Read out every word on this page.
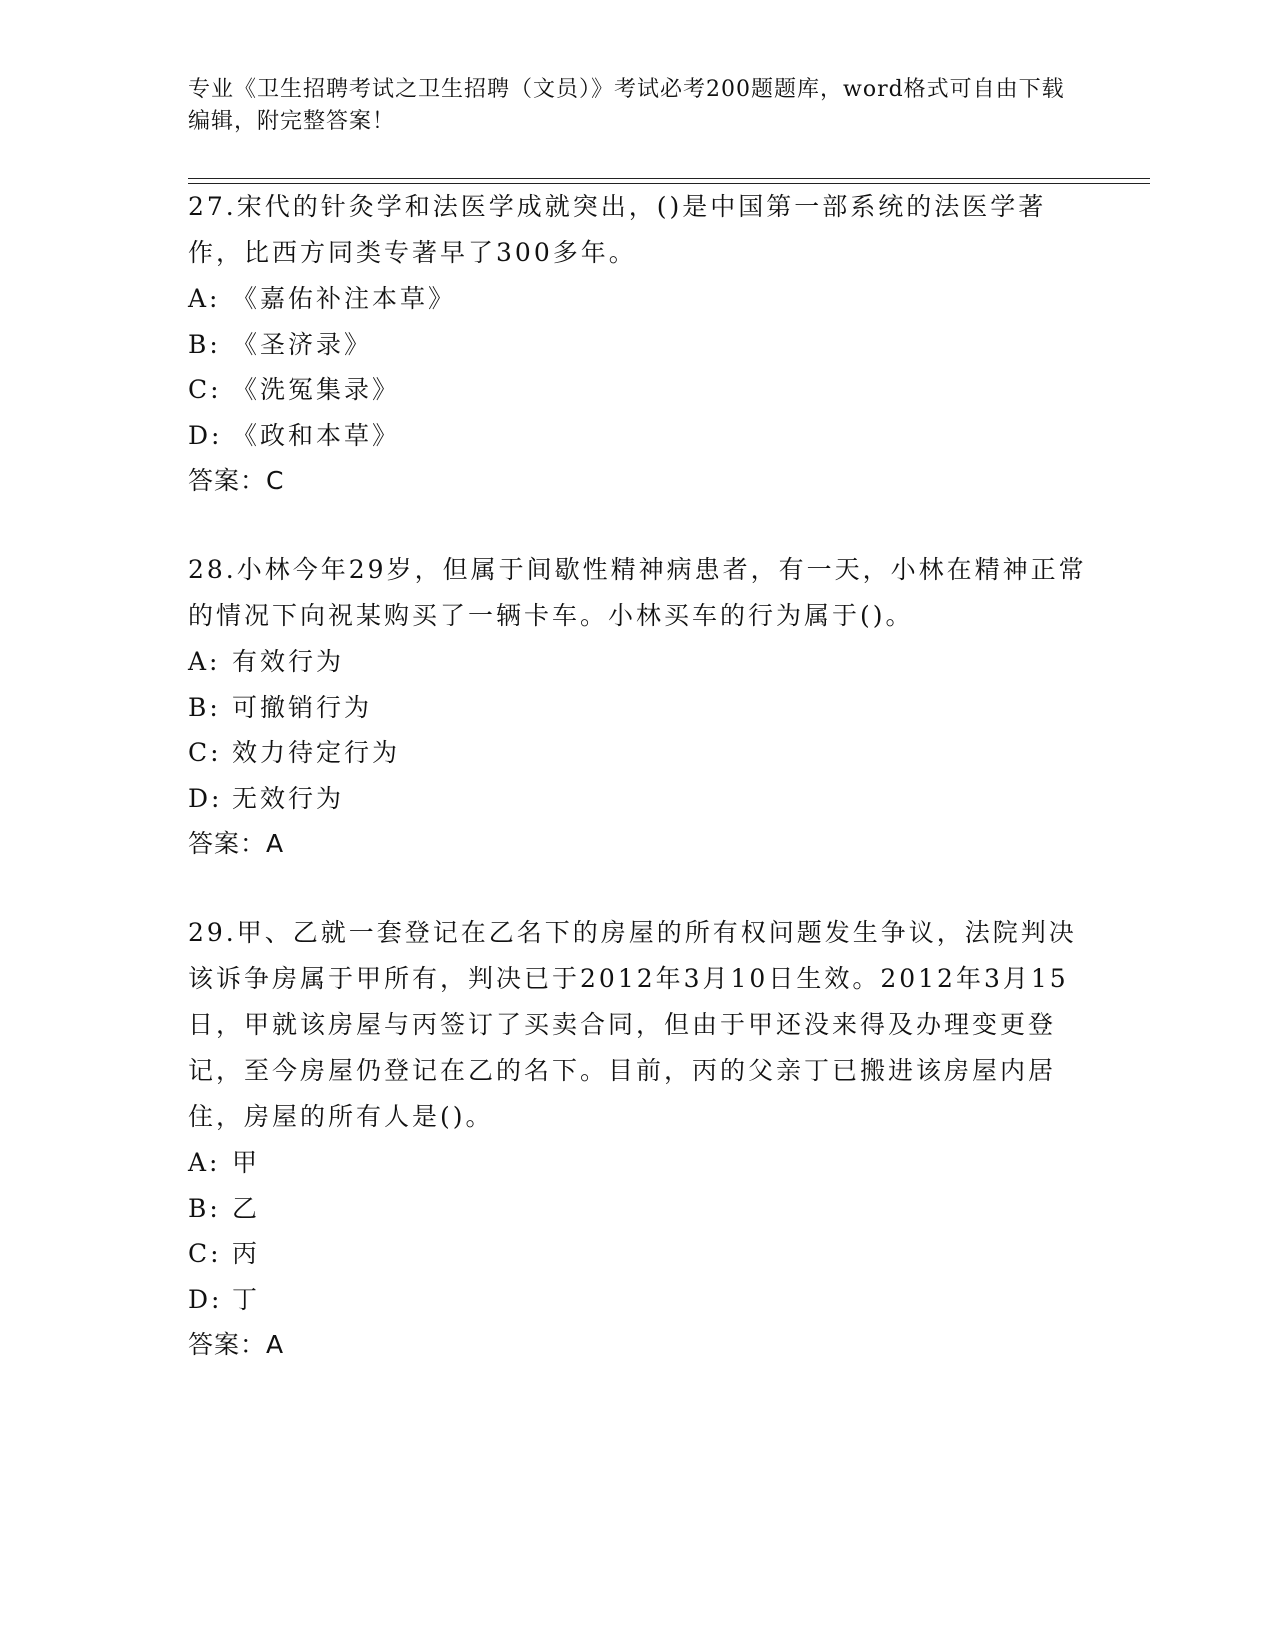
专业《卫生招聘考试之卫生招聘（文员）》考试必考200题题库，word格式可自由下载编辑，附完整答案！
27.宋代的针灸学和法医学成就突出，()是中国第一部系统的法医学著作，比西方同类专著早了300多年。
A: 《嘉佑补注本草》
B: 《圣济录》
C: 《洗冤集录》
D: 《政和本草》
答案：C
28.小林今年29岁，但属于间歇性精神病患者，有一天，小林在精神正常的情况下向祝某购买了一辆卡车。小林买车的行为属于()。
A: 有效行为
B: 可撤销行为
C: 效力待定行为
D: 无效行为
答案：A
29.甲、乙就一套登记在乙名下的房屋的所有权问题发生争议，法院判决该诉争房属于甲所有，判决已于2012年3月10日生效。2012年3月15日，甲就该房屋与丙签订了买卖合同，但由于甲还没来得及办理变更登记，至今房屋仍登记在乙的名下。目前，丙的父亲丁已搬进该房屋内居住，房屋的所有人是()。
A: 甲
B: 乙
C: 丙
D: 丁
答案：A
